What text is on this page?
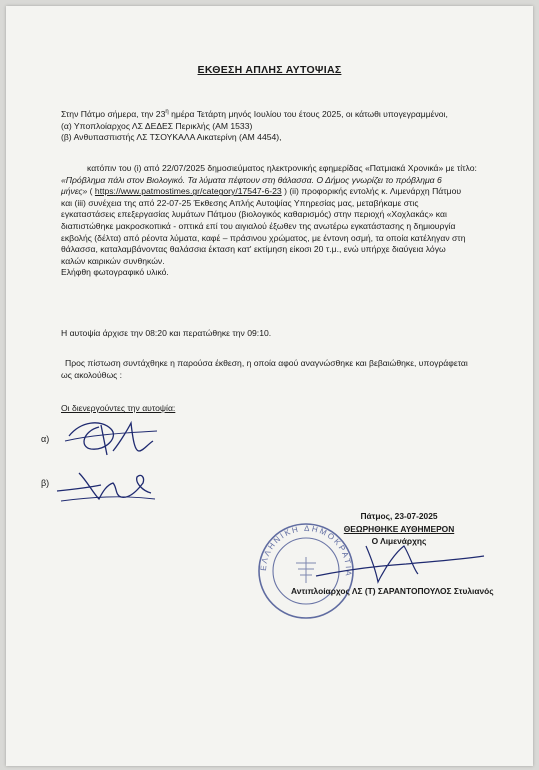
ΕΚΘΕΣΗ ΑΠΛΗΣ ΑΥΤΟΨΙΑΣ
Στην Πάτμο σήμερα, την $23^\eta$ ημέρα Τετάρτη μηνός Ιουλίου του έτους 2025, οι κάτωθι υπογεγραμμένοι,
(α) Υποπλοίαρχος ΛΣ ΔΕΔΕΣ Περικλής (ΑΜ 1533)
(β) Ανθυπασπιστής ΛΣ ΤΣΟΥΚΑΛΑ Αικατερίνη (ΑΜ 4454),
κατόπιν του (i) από 22/07/2025 δημοσιεύματος ηλεκτρονικής εφημερίδας «Πατμιακά Χρονικά» με τίτλο:
«Πρόβλημα πάλι στον Βιολογικό. Τα λύματα πέφτουν στη θάλασσα. Ο Δήμος γνωρίζει το πρόβλημα 6
μήνες» ( https://www.patmostimes.gr/category/17547-6-23 ) (ii) προφορικής εντολής κ. Λιμενάρχη Πάτμου
και (iii) συνέχεια της από 22-07-25 Έκθεσης Απλής Αυτοψίας Υπηρεσίας μας, μεταβήκαμε στις
εγκαταστάσεις επεξεργασίας λυμάτων Πάτμου (βιολογικός καθαρισμός) στην περιοχή «Χοχλακάς» και
διαπιστώθηκε μακροσκοπικά - οπτικά επί του αιγιαλού έξωθεν της ανωτέρω εγκατάστασης η δημιουργία
εκβολής (δέλτα) από ρέοντα λύματα, καφέ – πράσινου χρώματος, με έντονη οσμή, τα οποία κατέληγαν στη
θάλασσα, καταλαμβάνοντας θαλάσσια έκταση κατ' εκτίμηση είκοσι 20 τ.μ., ενώ υπήρχε διαύγεια λόγω
καλών καιρικών συνθηκών.
Ελήφθη φωτογραφικό υλικό.
Η αυτοψία άρχισε την 08:20 και περατώθηκε την 09:10.
Προς πίστωση συντάχθηκε η παρούσα έκθεση, η οποία αφού αναγνώσθηκε και βεβαιώθηκε, υπογράφεται
ως ακολούθως :
Οι διενεργούντες την αυτοψία:
α)
β)
ΕΛΛΗΝΙΚΗ ΔΗΜΟΚΡΑΤΙΑ
Πάτμος, 23-07-2025
ΘΕΩΡΗΘΗΚΕ ΑΥΘΗΜΕΡΟΝ
Ο Λιμενάρχης
Αντιπλοίαρχος ΛΣ (Τ) ΣΑΡΑΝΤΟΠΟΥΛΟΣ Στυλιανός
